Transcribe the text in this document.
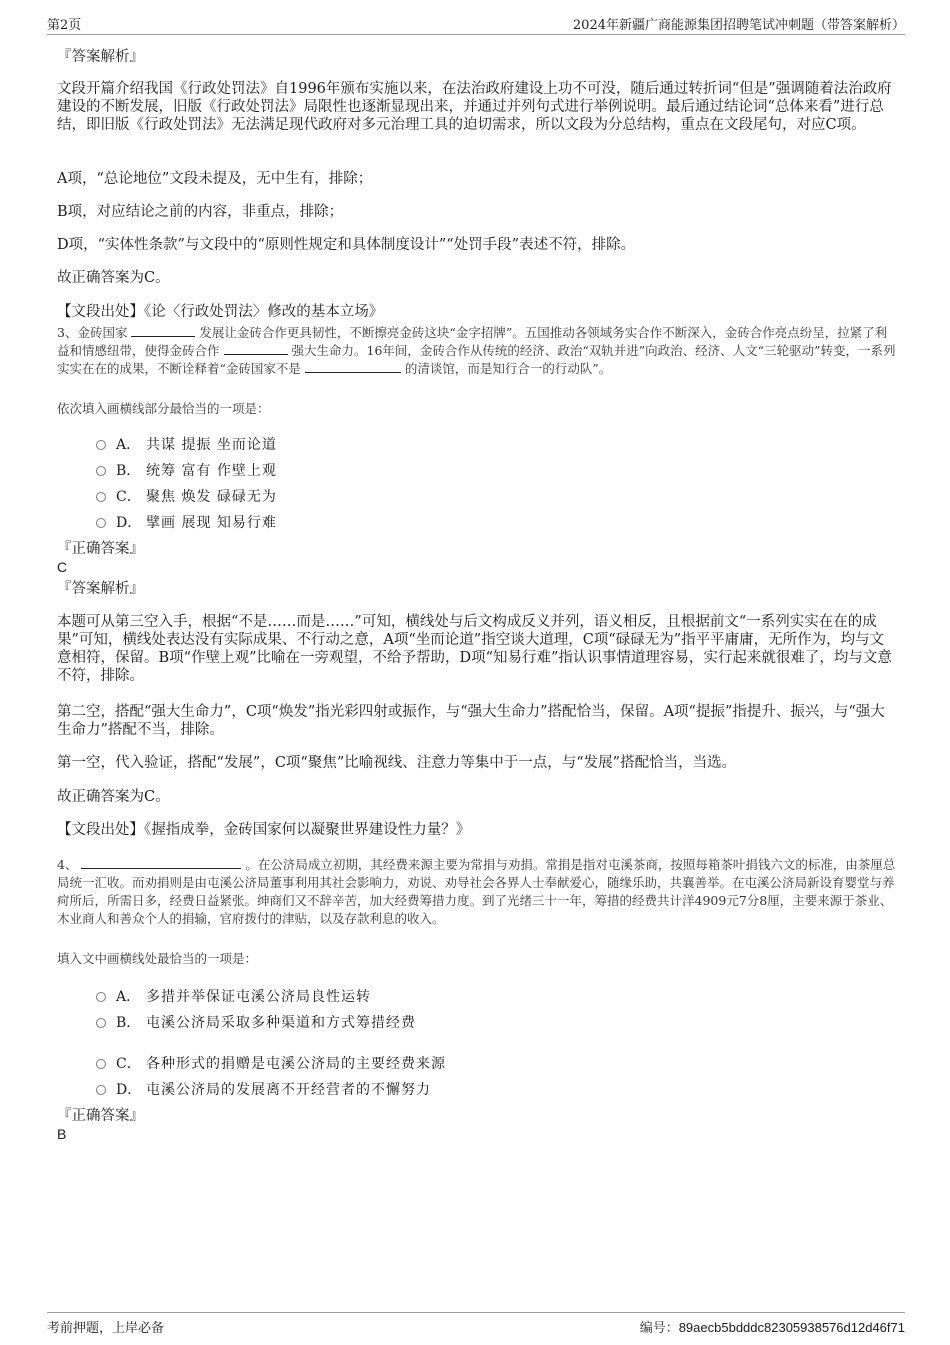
第2页	2024年新疆广商能源集团招聘笔试冲刺题（带答案解析）
『答案解析』
文段开篇介绍我国《行政处罚法》自1996年颁布实施以来，在法治政府建设上功不可没，随后通过转折词“但是”强调随着法治政府建设的不断发展，旧版《行政处罚法》局限性也逐渐显现出来，并通过并列句式进行举例说明。最后通过结论词“总体来看”进行总结，即旧版《行政处罚法》无法满足现代政府对多元治理工具的迫切需求，所以文段为分总结构，重点在文段尾句，对应C项。
A项，“总论地位”文段未提及，无中生有，排除；
B项，对应结论之前的内容，非重点，排除；
D项，“实体性条款”与文段中的“原则性规定和具体制度设计”“处罚手段”表述不符，排除。
故正确答案为C。
【文段出处】《论〈行政处罚法〉修改的基本立场》
3、金砖国家	发展让金砖合作更具韧性，不断擦亮金砖这块“金字招牌”。五国推动各领域务实合作不断深入，金砖合作亮点纷呈，拉紧了利益和情感纽带，使得金砖合作	强大生命力。16年间，金砖合作从传统的经济、政治“双轨并进”向政治、经济、人文“三轮驱动”转变，一系列实实在在的成果，不断诠释着“金砖国家不是	的清谈馆，而是知行合一的行动队”。
依次填入画横线部分最恰当的一项是：
A． 共谋 提振 坐而论道
B． 统筹 富有 作壁上观
C． 聚焦 焕发 碌碌无为
D． 擘画 展现 知易行难
『正确答案』
C
『答案解析』
本题可从第三空入手，根据“不是……而是……”可知，横线处与后文构成反义并列，语义相反，且根据前文“一系列实实在在的成果”可知，横线处表达没有实际成果、不行动之意，A项“坐而论道”指空谈大道理，C项“碌碌无为”指平平庸庸，无所作为，均与文意相符，保留。B项“作壁上观”比喻在一旁观望，不给予帮助，D项“知易行难”指认识事情道理容易，实行起来就很难了，均与文意不符，排除。
第二空，搭配“强大生命力”，C项“焕发”指光彩四射或振作，与“强大生命力”搭配恰当，保留。A项“提振”指提升、振兴，与“强大生命力”搭配不当，排除。
第一空，代入验证，搭配“发展”，C项“聚焦”比喻视线、注意力等集中于一点，与“发展”搭配恰当，当选。
故正确答案为C。
【文段出处】《握指成拳，金砖国家何以凝聚世界建设性力量？》
4、	。在公济局成立初期，其经费来源主要为常捐与劝捐。常捐是指对屯溪茶商，按照每箱茶叶捐钱六文的标准，由茶厘总局统一汇收。而劝捐则是由屯溪公济局董事利用其社会影响力，劝说、劝导社会各界人士奉献爱心，随缘乐助，共襄善举。在屯溪公济局新设育婴堂与养疴所后，所需日多，经费日益紧张。绅商们又不辞辛苦，加大经费筹措力度。到了光绪三十一年，筹措的经费共计洋4909元7分8厘，主要来源于茶业、木业商人和善众个人的捐输，官府拨付的津贴，以及存款利息的收入。
填入文中画横线处最恰当的一项是：
A． 多措并举保证屯溪公济局良性运转
B． 屯溪公济局采取多种渠道和方式筹措经费
C． 各种形式的捐赠是屯溪公济局的主要经费来源
D． 屯溪公济局的发展离不开经营者的不懈努力
『正确答案』
B
考前押题，上岸必备	编号：89aecb5bdddc82305938576d12d46f71
